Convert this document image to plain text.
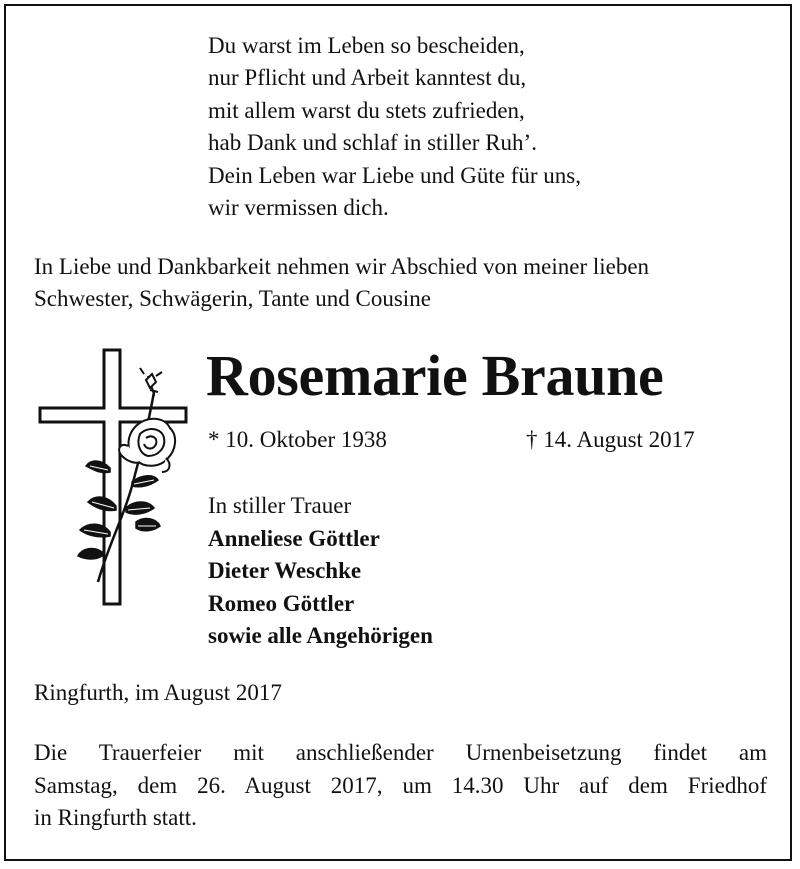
Du warst im Leben so bescheiden,
nur Pflicht und Arbeit kanntest du,
mit allem warst du stets zufrieden,
hab Dank und schlaf in stiller Ruh’.
Dein Leben war Liebe und Güte für uns,
wir vermissen dich.
In Liebe und Dankbarkeit nehmen wir Abschied von meiner lieben
Schwester, Schwägerin, Tante und Cousine
Rosemarie Braune
* 10. Oktober 1938	† 14. August 2017
In stiller Trauer
Anneliese Göttler
Dieter Weschke
Romeo Göttler
sowie alle Angehörigen
Ringfurth, im August 2017
Die Trauerfeier mit anschließender Urnenbeisetzung findet am
Samstag, dem 26. August 2017, um 14.30 Uhr auf dem Friedhof
in Ringfurth statt.
